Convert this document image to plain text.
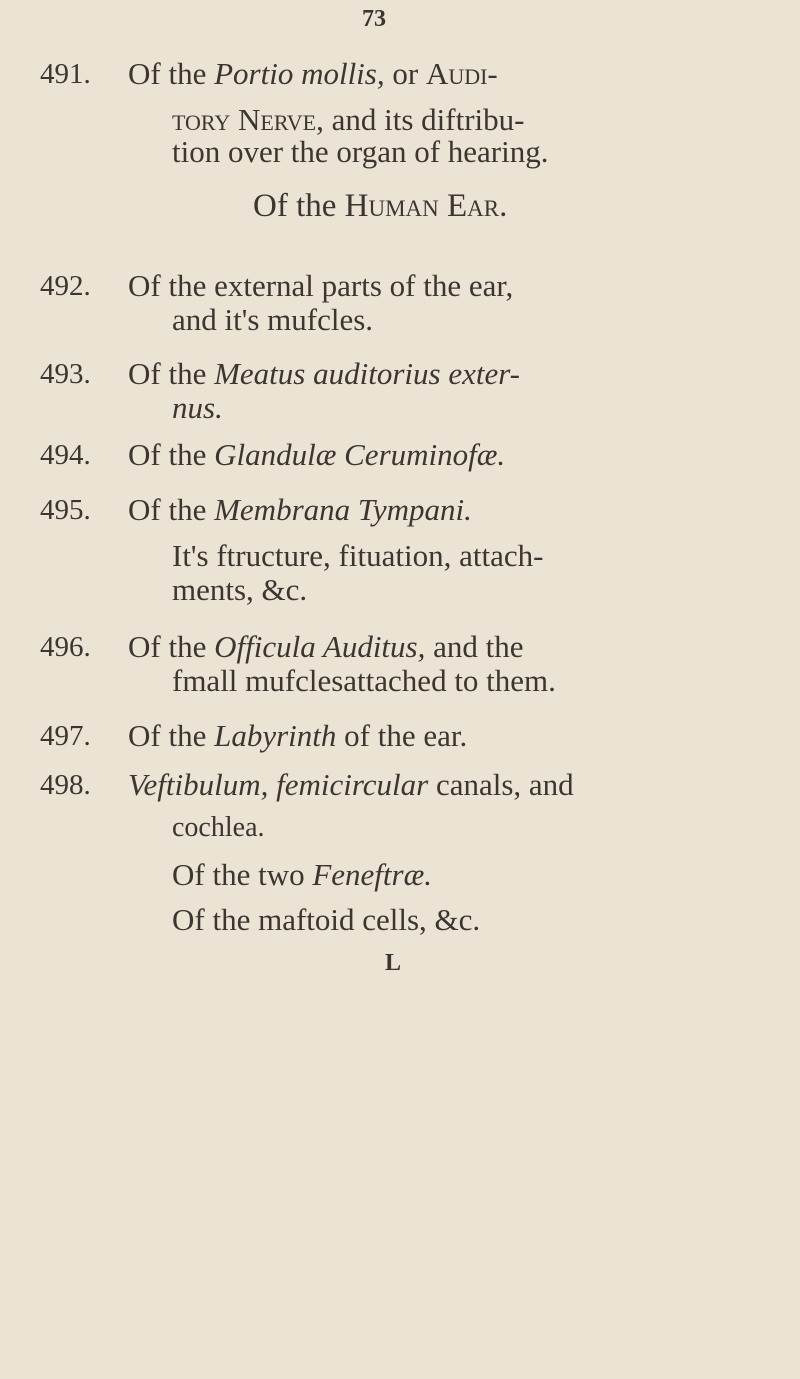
73
491. Of the Portio mollis, or Audi-
tory Nerve, and its diftribu-
tion over the organ of hearing.
Of the Human Ear.
492. Of the external parts of the ear,
and it's mufcles.
493. Of the Meatus auditorius exter-
nus.
494. Of the Glandulæ Ceruminofæ.
495. Of the Membrana Tympani.
It's ftructure, fituation, attach-
ments, &c.
496. Of the Officula Auditus, and the
fmall mufclesattached to them.
497. Of the Labyrinth of the ear.
498. Veftibulum, femicircular canals, and
cochlea.
Of the two Feneftræ.
Of the maftoid cells, &c.
L
